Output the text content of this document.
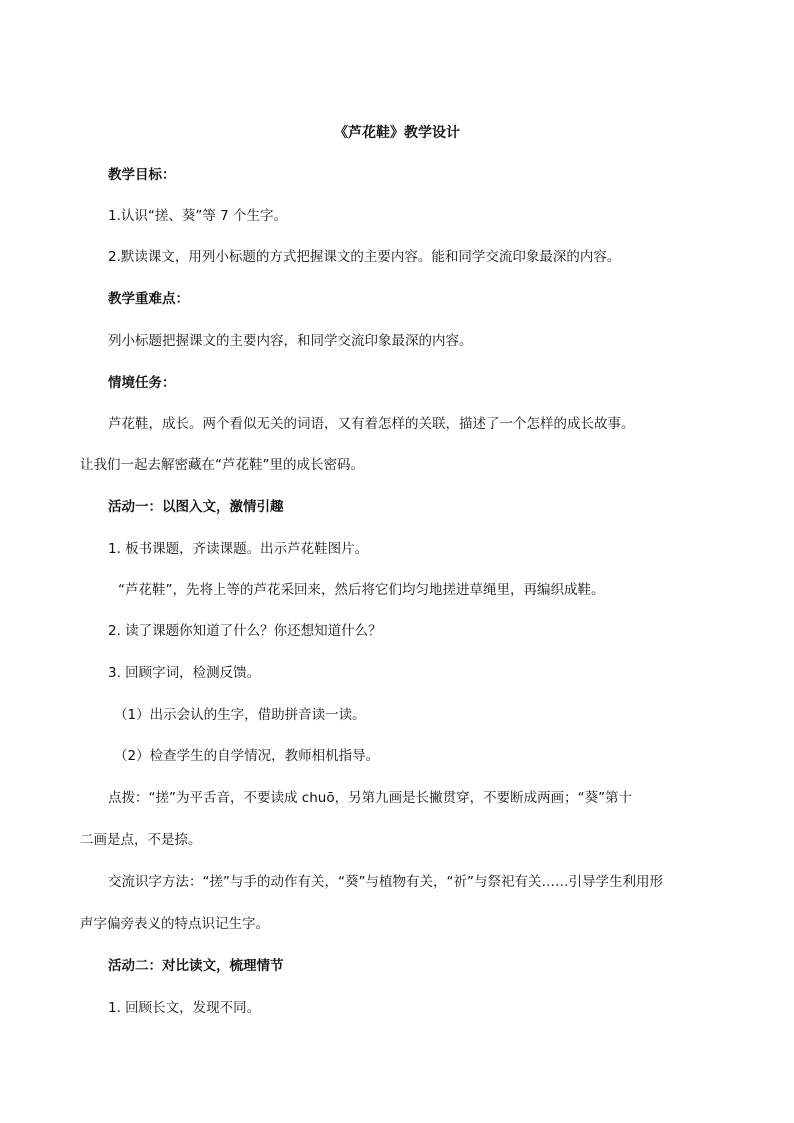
《芦花鞋》教学设计
教学目标：
1.认识“搓、葵”等 7 个生字。
2.默读课文，用列小标题的方式把握课文的主要内容。能和同学交流印象最深的内容。
教学重难点：
列小标题把握课文的主要内容，和同学交流印象最深的内容。
情境任务：
芦花鞋，成长。两个看似无关的词语，又有着怎样的关联，描述了一个怎样的成长故事。
让我们一起去解密藏在“芦花鞋”里的成长密码。
活动一：以图入文，激情引趣
1. 板书课题，齐读课题。出示芦花鞋图片。
“芦花鞋”，先将上等的芦花采回来，然后将它们均匀地搓进草绳里，再编织成鞋。
2. 读了课题你知道了什么？你还想知道什么？
3. 回顾字词，检测反馈。
（1）出示会认的生字，借助拼音读一读。
（2）检查学生的自学情况，教师相机指导。
点拨：“搓”为平舌音，不要读成 chuō，另第九画是长撇贯穿，不要断成两画；“葵”第十
二画是点，不是捺。
交流识字方法：“搓”与手的动作有关，“葵”与植物有关，“祈”与祭祀有关……引导学生利用形
声字偏旁表义的特点识记生字。
活动二：对比读文，梳理情节
1. 回顾长文，发现不同。
